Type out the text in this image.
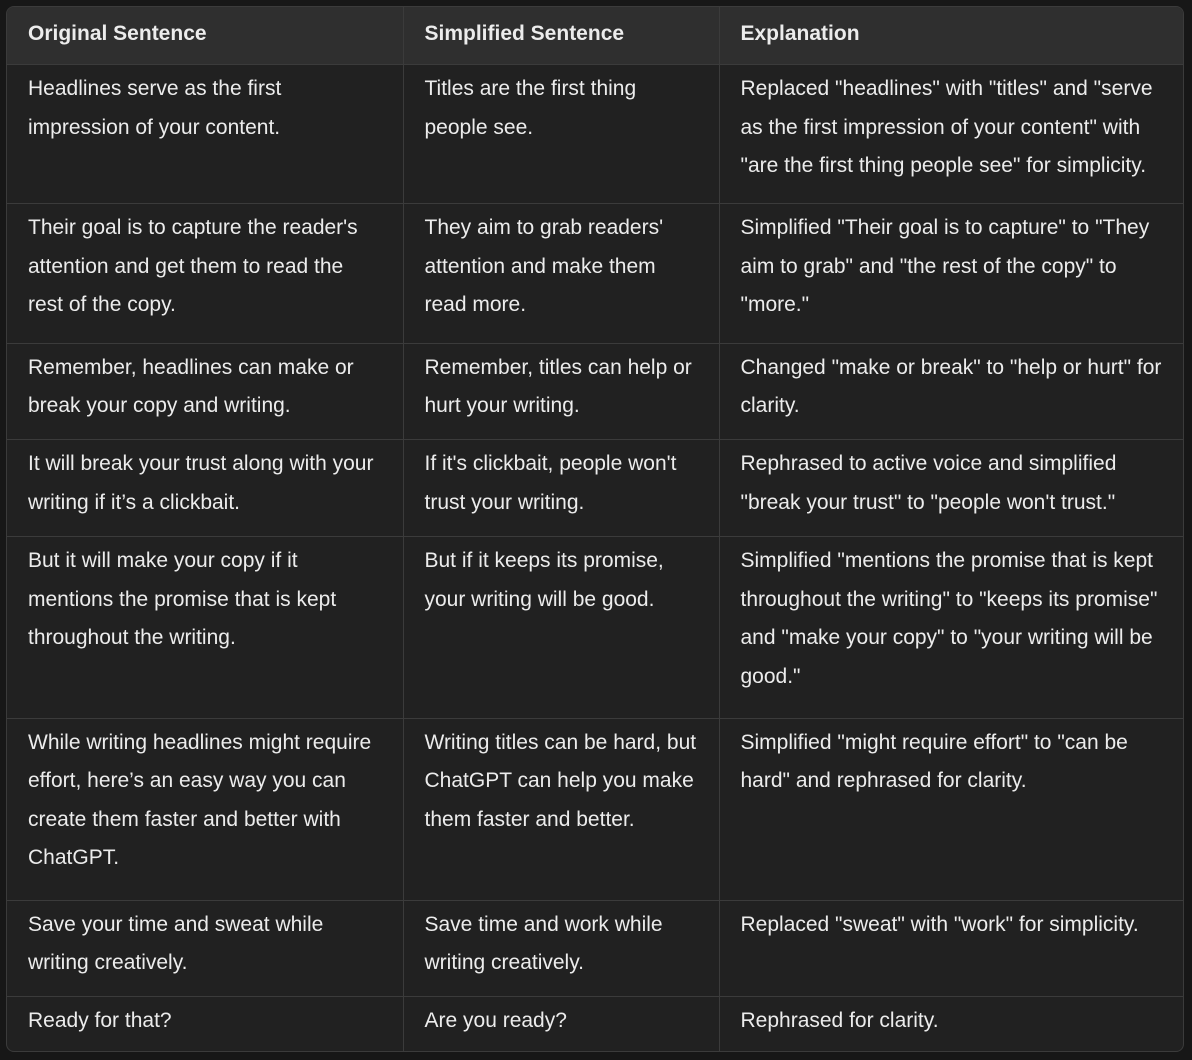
Original Sentence	Simplified Sentence	Explanation
Headlines serve as the first impression of your content.	Titles are the first thing people see.	Replaced "headlines" with "titles" and "serve as the first impression of your content" with "are the first thing people see" for simplicity.
Their goal is to capture the reader's attention and get them to read the rest of the copy.	They aim to grab readers' attention and make them read more.	Simplified "Their goal is to capture" to "They aim to grab" and "the rest of the copy" to "more."
Remember, headlines can make or break your copy and writing.	Remember, titles can help or hurt your writing.	Changed "make or break" to "help or hurt" for clarity.
It will break your trust along with your writing if it’s a clickbait.	If it's clickbait, people won't trust your writing.	Rephrased to active voice and simplified "break your trust" to "people won't trust."
But it will make your copy if it mentions the promise that is kept throughout the writing.	But if it keeps its promise, your writing will be good.	Simplified "mentions the promise that is kept throughout the writing" to "keeps its promise" and "make your copy" to "your writing will be good."
While writing headlines might require effort, here’s an easy way you can create them faster and better with ChatGPT.	Writing titles can be hard, but ChatGPT can help you make them faster and better.	Simplified "might require effort" to "can be hard" and rephrased for clarity.
Save your time and sweat while writing creatively.	Save time and work while writing creatively.	Replaced "sweat" with "work" for simplicity.
Ready for that?	Are you ready?	Rephrased for clarity.
